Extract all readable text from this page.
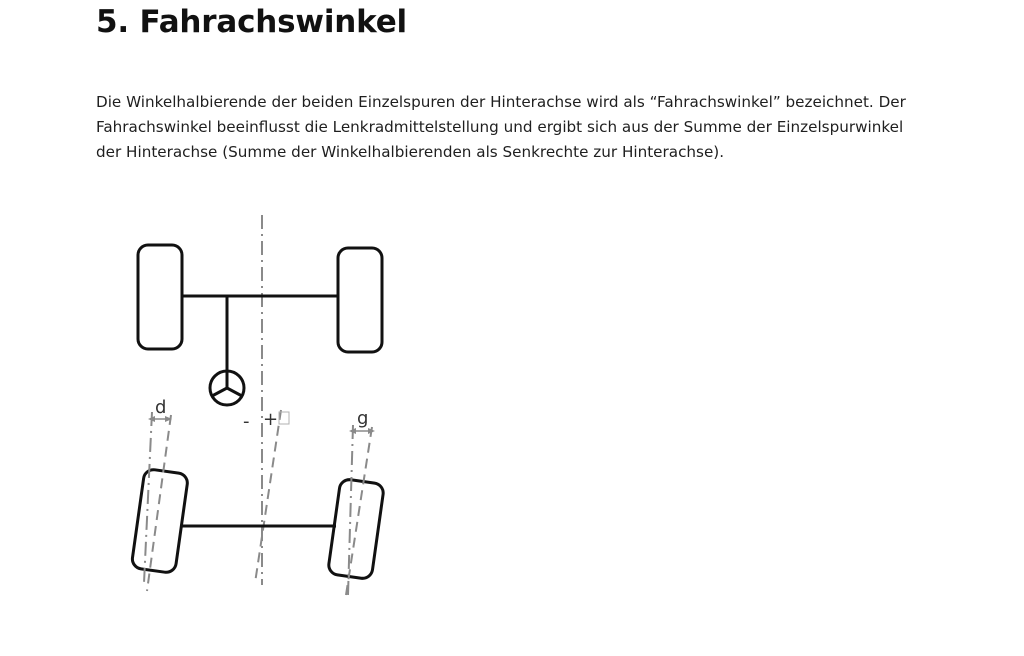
5. Fahrachswinkel

Die Winkelhalbierende der beiden Einzelspuren der Hinterachse wird als “Fahrachswinkel” bezeichnet. Der
Fahrachswinkel beeinflusst die Lenkradmittelstellung und ergibt sich aus der Summe der Einzelspurwinkel
der Hinterachse (Summe der Winkelhalbierenden als Senkrechte zur Hinterachse).

- +
d
g
